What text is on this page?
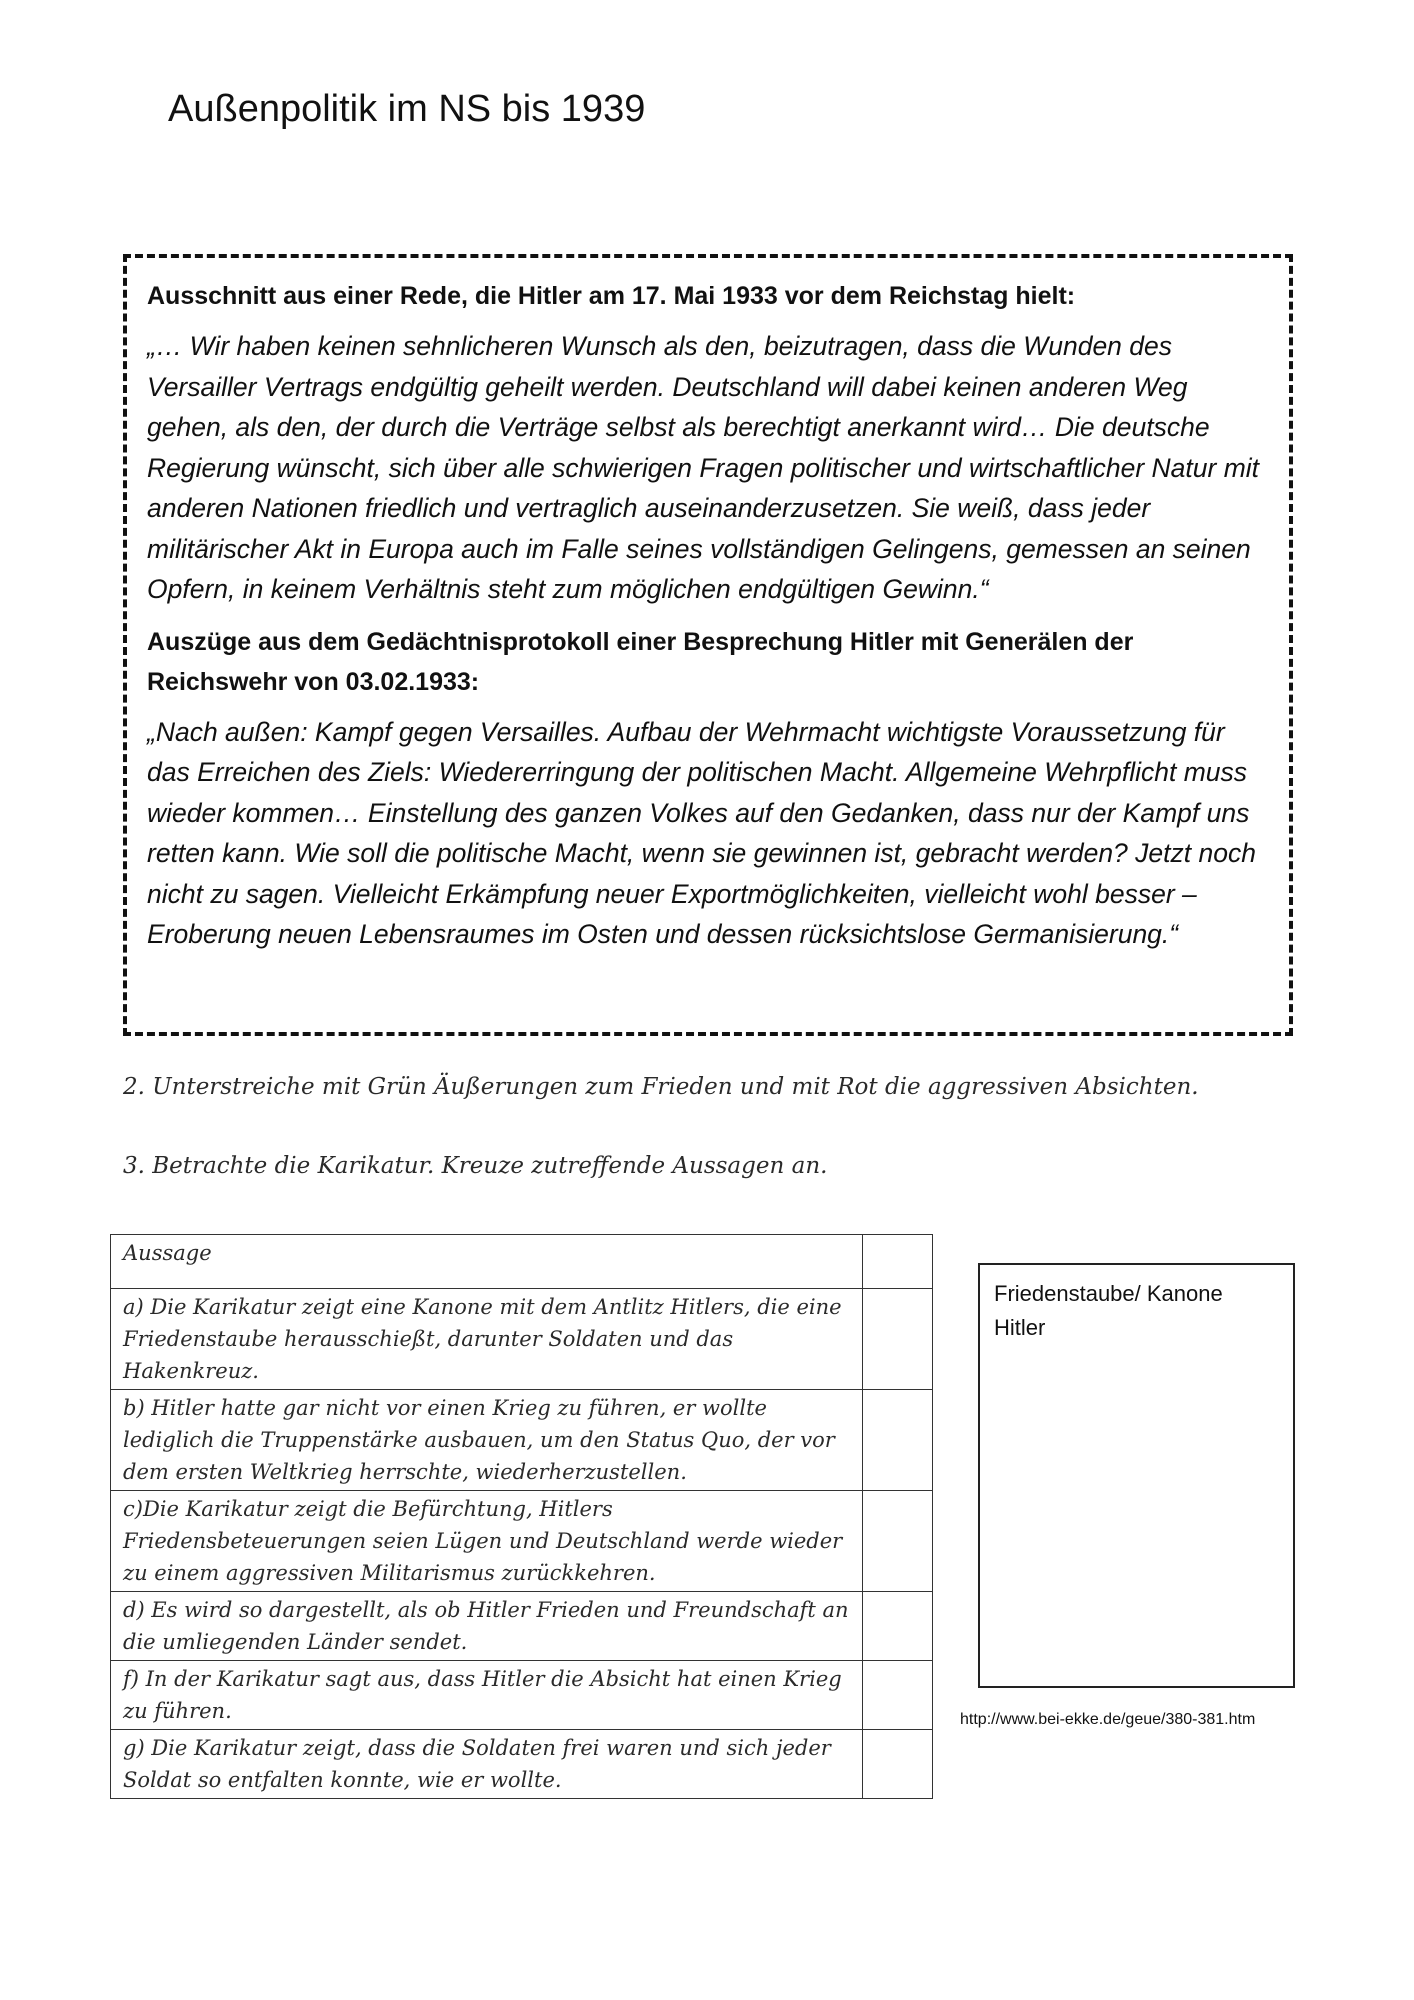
Außenpolitik im NS bis 1939

Ausschnitt aus einer Rede, die Hitler am 17. Mai 1933 vor dem Reichstag hielt:

„… Wir haben keinen sehnlicheren Wunsch als den, beizutragen, dass die Wunden des Versailler Vertrags endgültig geheilt werden. Deutschland will dabei keinen anderen Weg gehen, als den, der durch die Verträge selbst als berechtigt anerkannt wird… Die deutsche Regierung wünscht, sich über alle schwierigen Fragen politischer und wirtschaftlicher Natur mit anderen Nationen friedlich und vertraglich auseinanderzusetzen. Sie weiß, dass jeder militärischer Akt in Europa auch im Falle seines vollständigen Gelingens, gemessen an seinen Opfern, in keinem Verhältnis steht zum möglichen endgültigen Gewinn.“

Auszüge aus dem Gedächtnisprotokoll einer Besprechung Hitler mit Generälen der Reichswehr von 03.02.1933:

„Nach außen: Kampf gegen Versailles. Aufbau der Wehrmacht wichtigste Voraussetzung für das Erreichen des Ziels: Wiedererringung der politischen Macht. Allgemeine Wehrpflicht muss wieder kommen… Einstellung des ganzen Volkes auf den Gedanken, dass nur der Kampf uns retten kann. Wie soll die politische Macht, wenn sie gewinnen ist, gebracht werden? Jetzt noch nicht zu sagen. Vielleicht Erkämpfung neuer Exportmöglichkeiten, vielleicht wohl besser – Eroberung neuen Lebensraumes im Osten und dessen rücksichtslose Germanisierung.“

2. Unterstreiche mit Grün Äußerungen zum Frieden und mit Rot die aggressiven Absichten.
3. Betrachte die Karikatur. Kreuze zutreffende Aussagen an.
Aussage	
a) Die Karikatur zeigt eine Kanone mit dem Antlitz Hitlers, die eine Friedenstaube herausschießt, darunter Soldaten und das Hakenkreuz.	
b) Hitler hatte gar nicht vor einen Krieg zu führen, er wollte lediglich die Truppenstärke ausbauen, um den Status Quo, der vor dem ersten Weltkrieg herrschte, wiederherzustellen.	
c)Die Karikatur zeigt die Befürchtung, Hitlers Friedensbeteuerungen seien Lügen und Deutschland werde wieder zu einem aggressiven Militarismus zurückkehren.	
d) Es wird so dargestellt, als ob Hitler Frieden und Freundschaft an die umliegenden Länder sendet.	
f) In der Karikatur sagt aus, dass Hitler die Absicht hat einen Krieg zu führen.	
g) Die Karikatur zeigt, dass die Soldaten frei waren und sich jeder Soldat so entfalten konnte, wie er wollte.	
Friedenstaube/ Kanone
Hitler
http://www.bei-ekke.de/geue/380-381.htm
